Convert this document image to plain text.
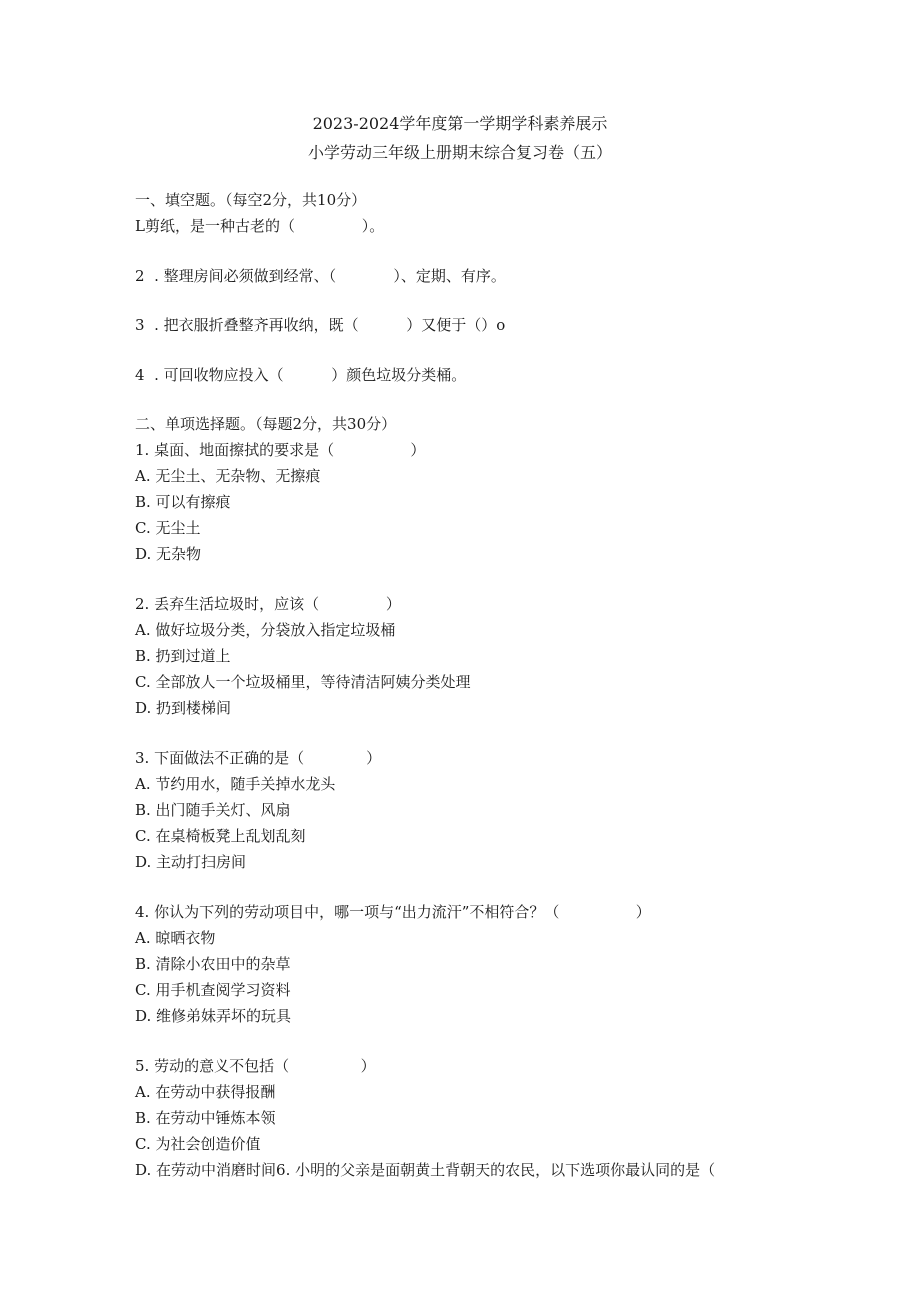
2023-2024学年度第一学期学科素养展示
小学劳动三年级上册期末综合复习卷（五）
一、填空题。（每空2分，共10分）
L剪纸，是一种古老的（              ）。
2  . 整理房间必须做到经常、（            ）、定期、有序。
3  . 把衣服折叠整齐再收纳，既（          ）又便于（）o
4  . 可回收物应投入（          ）颜色垃圾分类桶。
二、单项选择题。（每题2分，共30分）
1. 桌面、地面擦拭的要求是（                ）
A. 无尘土、无杂物、无擦痕
B. 可以有擦痕
C. 无尘土
D. 无杂物
2. 丢弃生活垃圾时，应该（              ）
A. 做好垃圾分类，分袋放入指定垃圾桶
B. 扔到过道上
C. 全部放人一个垃圾桶里，等待清洁阿姨分类处理
D. 扔到楼梯间
3. 下面做法不正确的是（             ）
A. 节约用水，随手关掉水龙头
B. 出门随手关灯、风扇
C. 在桌椅板凳上乱划乱刻
D. 主动打扫房间
4. 你认为下列的劳动项目中，哪一项与“出力流汗”不相符合？（                ）
A. 晾晒衣物
B. 清除小农田中的杂草
C. 用手机查阅学习资料
D. 维修弟妹弄坏的玩具
5. 劳动的意义不包括（               ）
A. 在劳动中获得报酬
B. 在劳动中锤炼本领
C. 为社会创造价值
D. 在劳动中消磨时间6. 小明的父亲是面朝黄土背朝天的农民，以下选项你最认同的是（
